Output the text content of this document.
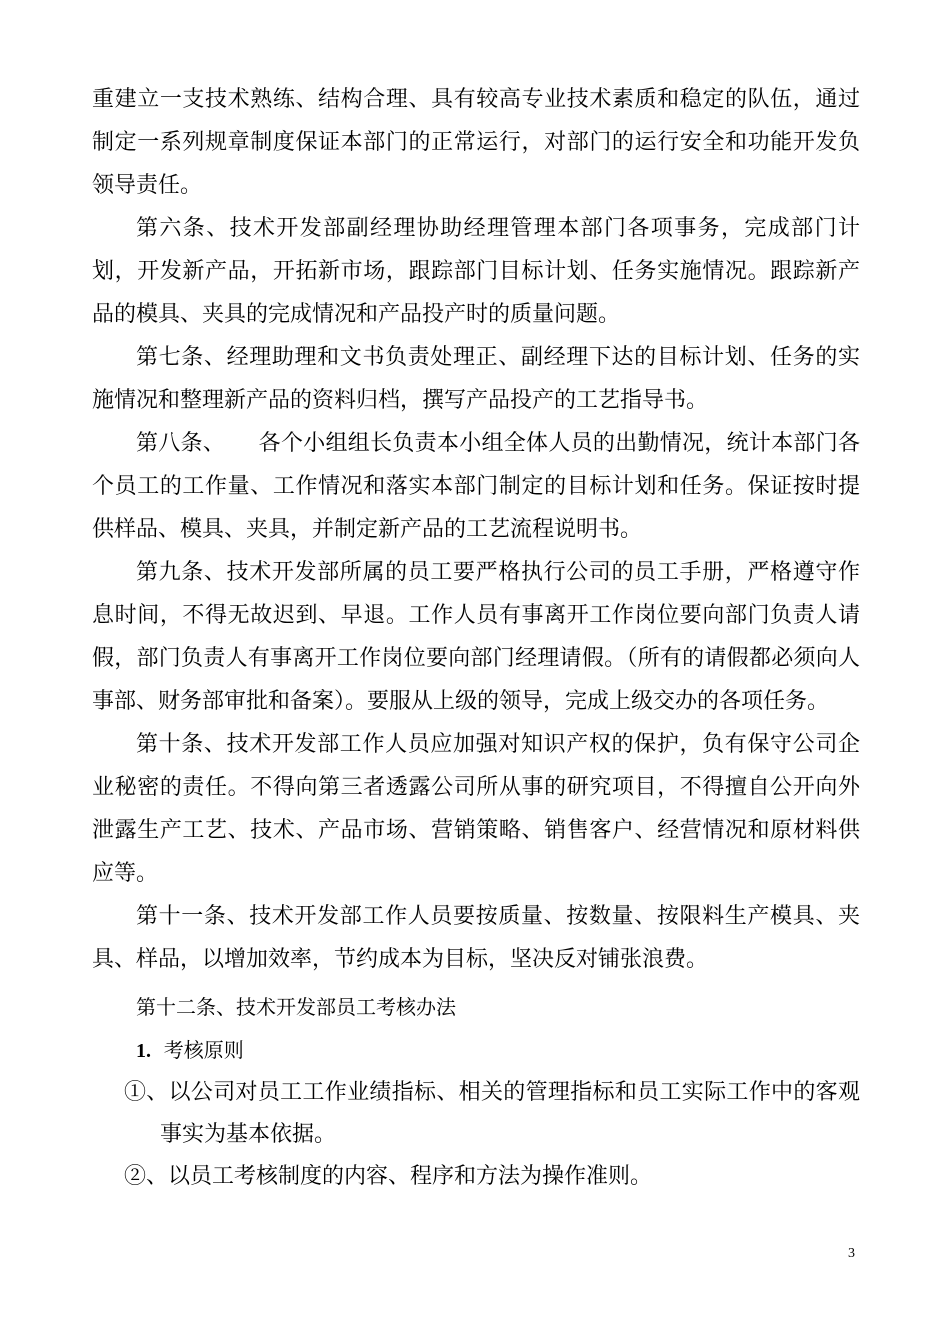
重建立一支技术熟练、结构合理、具有较高专业技术素质和稳定的队伍，通过制定一系列规章制度保证本部门的正常运行，对部门的运行安全和功能开发负领导责任。

第六条、技术开发部副经理协助经理管理本部门各项事务，完成部门计划，开发新产品，开拓新市场，跟踪部门目标计划、任务实施情况。跟踪新产品的模具、夹具的完成情况和产品投产时的质量问题。

第七条、经理助理和文书负责处理正、副经理下达的目标计划、任务的实施情况和整理新产品的资料归档，撰写产品投产的工艺指导书。

第八条、　　各个小组组长负责本小组全体人员的出勤情况，统计本部门各个员工的工作量、工作情况和落实本部门制定的目标计划和任务。保证按时提供样品、模具、夹具，并制定新产品的工艺流程说明书。

第九条、技术开发部所属的员工要严格执行公司的员工手册，严格遵守作息时间，不得无故迟到、早退。工作人员有事离开工作岗位要向部门负责人请假，部门负责人有事离开工作岗位要向部门经理请假。（所有的请假都必须向人事部、财务部审批和备案）。要服从上级的领导，完成上级交办的各项任务。

第十条、技术开发部工作人员应加强对知识产权的保护，负有保守公司企业秘密的责任。不得向第三者透露公司所从事的研究项目，不得擅自公开向外泄露生产工艺、技术、产品市场、营销策略、销售客户、经营情况和原材料供应等。

第十一条、技术开发部工作人员要按质量、按数量、按限料生产模具、夹具、样品，以增加效率，节约成本为目标，坚决反对铺张浪费。

第十二条、技术开发部员工考核办法

1. 考核原则

①、以公司对员工工作业绩指标、相关的管理指标和员工实际工作中的客观事实为基本依据。

②、以员工考核制度的内容、程序和方法为操作准则。

3
